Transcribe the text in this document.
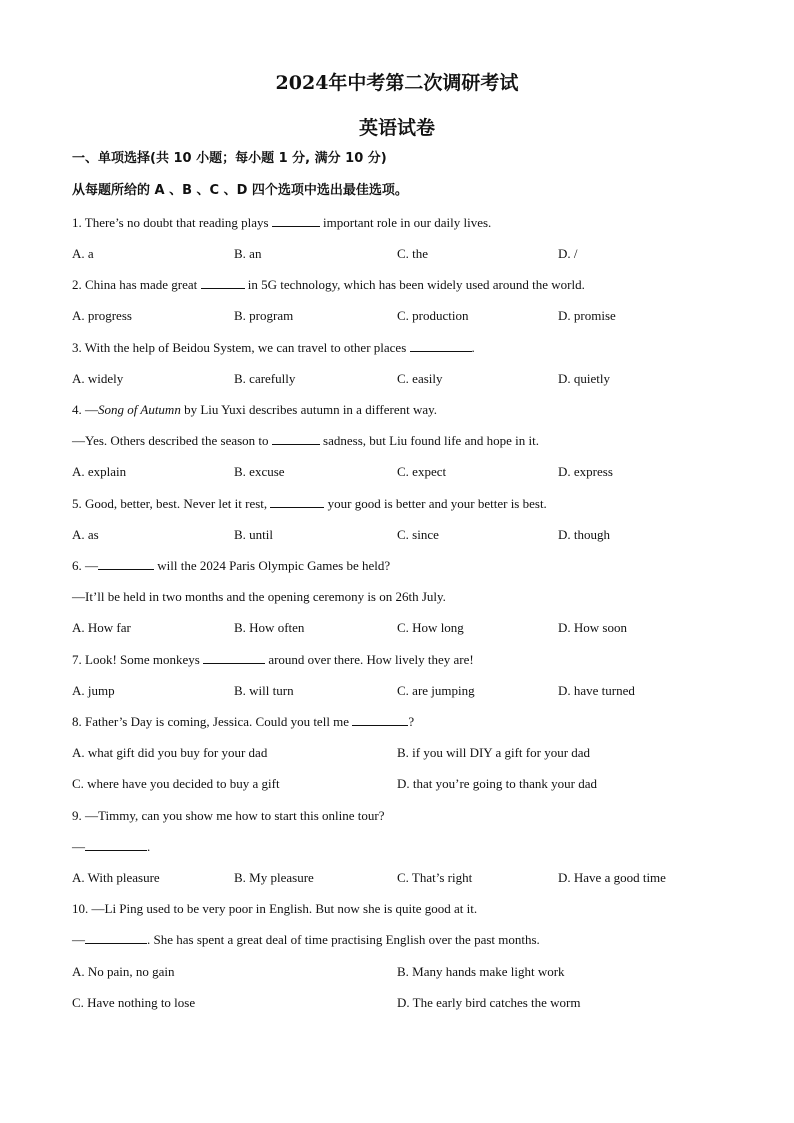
2024年中考第二次调研考试
英语试卷
一、单项选择(共 10 小题；每小题 1 分, 满分 10 分)
从每题所给的 A 、B 、C 、D 四个选项中选出最佳选项。
1. There’s no doubt that reading plays	important role in our daily lives.
A. a	B. an	C. the	D. /
2. China has made great	in 5G technology, which has been widely used around the world.
A. progress	B. program	C. production	D. promise
3. With the help of Beidou System, we can travel to other places	.
A. widely	B. carefully	C. easily	D. quietly
4. —Song of Autumn by Liu Yuxi describes autumn in a different way.
—Yes. Others described the season to	sadness, but Liu found life and hope in it.
A. explain	B. excuse	C. expect	D. express
5. Good, better, best. Never let it rest,	your good is better and your better is best.
A. as	B. until	C. since	D. though
6. —	will the 2024 Paris Olympic Games be held?
—It’ll be held in two months and the opening ceremony is on 26th July.
A. How far	B. How often	C. How long	D. How soon
7. Look! Some monkeys	around over there. How lively they are!
A. jump	B. will turn	C. are jumping	D. have turned
8. Father’s Day is coming, Jessica. Could you tell me	?
A. what gift did you buy for your dad	B. if you will DIY a gift for your dad
C. where have you decided to buy a gift	D. that you’re going to thank your dad
9. —Timmy, can you show me how to start this online tour?
—	.
A. With pleasure	B. My pleasure	C. That’s right	D. Have a good time
10. —Li Ping used to be very poor in English. But now she is quite good at it.
—	. She has spent a great deal of time practising English over the past months.
A. No pain, no gain	B. Many hands make light work
C. Have nothing to lose	D. The early bird catches the worm
